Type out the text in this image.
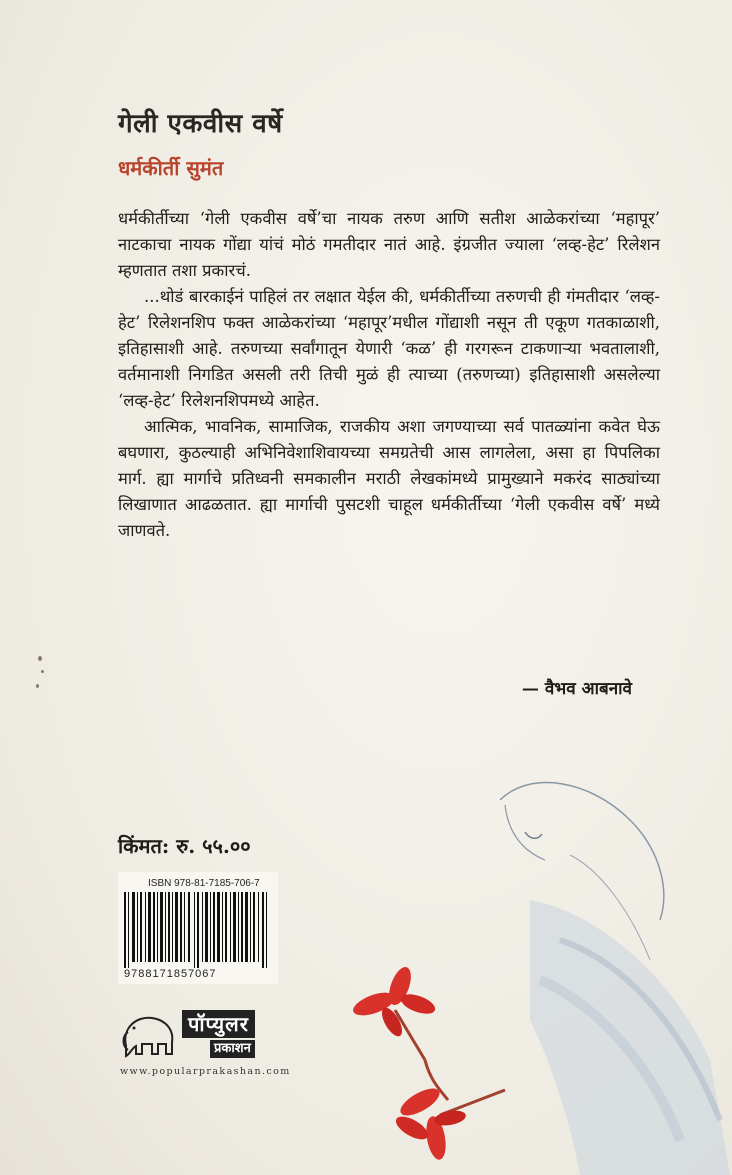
गेली एकवीस वर्षे
धर्मकीर्ती सुमंत

धर्मकीर्तीच्या ‘गेली एकवीस वर्षे’चा नायक तरुण आणि सतीश आळेकरांच्या ‘महापूर’ नाटकाचा नायक गोंद्या यांचं मोठं गमतीदार नातं आहे. इंग्रजीत ज्याला ‘लव्ह-हेट’ रिलेशन म्हणतात तशा प्रकारचं.

...थोडं बारकाईनं पाहिलं तर लक्षात येईल की, धर्मकीर्तीच्या तरुणची ही गंमतीदार ‘लव्ह-हेट’ रिलेशनशिप फक्त आळेकरांच्या ‘महापूर’मधील गोंद्याशी नसून ती एकूण गतकाळाशी, इतिहासाशी आहे. तरुणच्या सर्वांगातून येणारी ‘कळ’ ही गरगरून टाकणाऱ्या भवतालाशी, वर्तमानाशी निगडित असली तरी तिची मुळं ही त्याच्या (तरुणच्या) इतिहासाशी असलेल्या ‘लव्ह-हेट’ रिलेशनशिपमध्ये आहेत.

आत्मिक, भावनिक, सामाजिक, राजकीय अशा जगण्याच्या सर्व पातळ्यांना कवेत घेऊ बघणारा, कुठल्याही अभिनिवेशाशिवायच्या समग्रतेची आस लागलेला, असा हा पिपलिका मार्ग. ह्या मार्गाचे प्रतिध्वनी समकालीन मराठी लेखकांमध्ये प्रामुख्याने मकरंद साठ्यांच्या लिखाणात आढळतात. ह्या मार्गाची पुसटशी चाहूल धर्मकीर्तीच्या ‘गेली एकवीस वर्षे’ मध्ये जाणवते.

— वैभव आबनावे
किंमत: रु. ५५.००
ISBN 978-81-7185-706-7
9788171857067
पॉप्युलर
प्रकाशन
www.popularprakashan.com
